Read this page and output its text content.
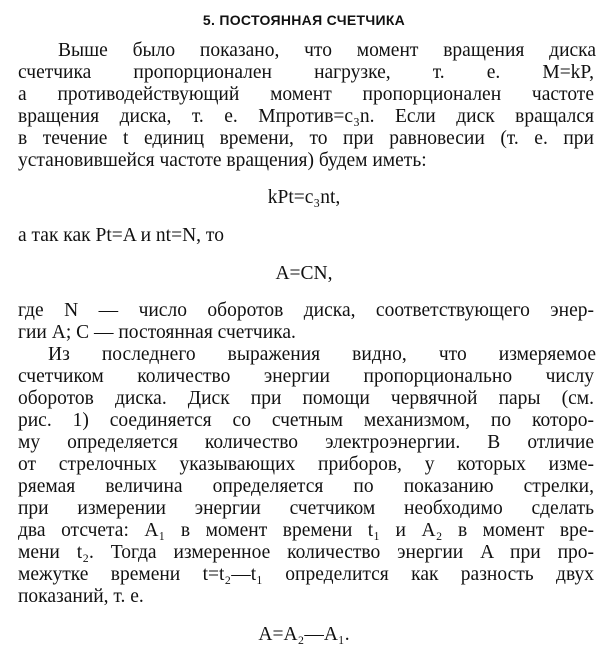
5. ПОСТОЯННАЯ СЧЕТЧИКА
Выше было показано, что момент вращения диска
счетчика пропорционален нагрузке, т. е. M=kP,
а противодействующий момент пропорционален частоте
вращения диска, т. е. Mпротив=c₃n. Если диск вращался
в течение t единиц времени, то при равновесии (т. е. при
установившейся частоте вращения) будем иметь:
kPt=c₃nt,
а так как Pt=A и nt=N, то
A=CN,
где N — число оборотов диска, соответствующего энер-
гии A; C — постоянная счетчика.
Из последнего выражения видно, что измеряемое
счетчиком количество энергии пропорционально числу
оборотов диска. Диск при помощи червячной пары (см.
рис. 1) соединяется со счетным механизмом, по которо-
му определяется количество электроэнергии. В отличие
от стрелочных указывающих приборов, у которых изме-
ряемая величина определяется по показанию стрелки,
при измерении энергии счетчиком необходимо сделать
два отсчета: A₁ в момент времени t₁ и A₂ в момент вре-
мени t₂. Тогда измеренное количество энергии A при про-
межутке времени t=t₂—t₁ определится как разность двух
показаний, т. е.
A=A₂—A₁.
